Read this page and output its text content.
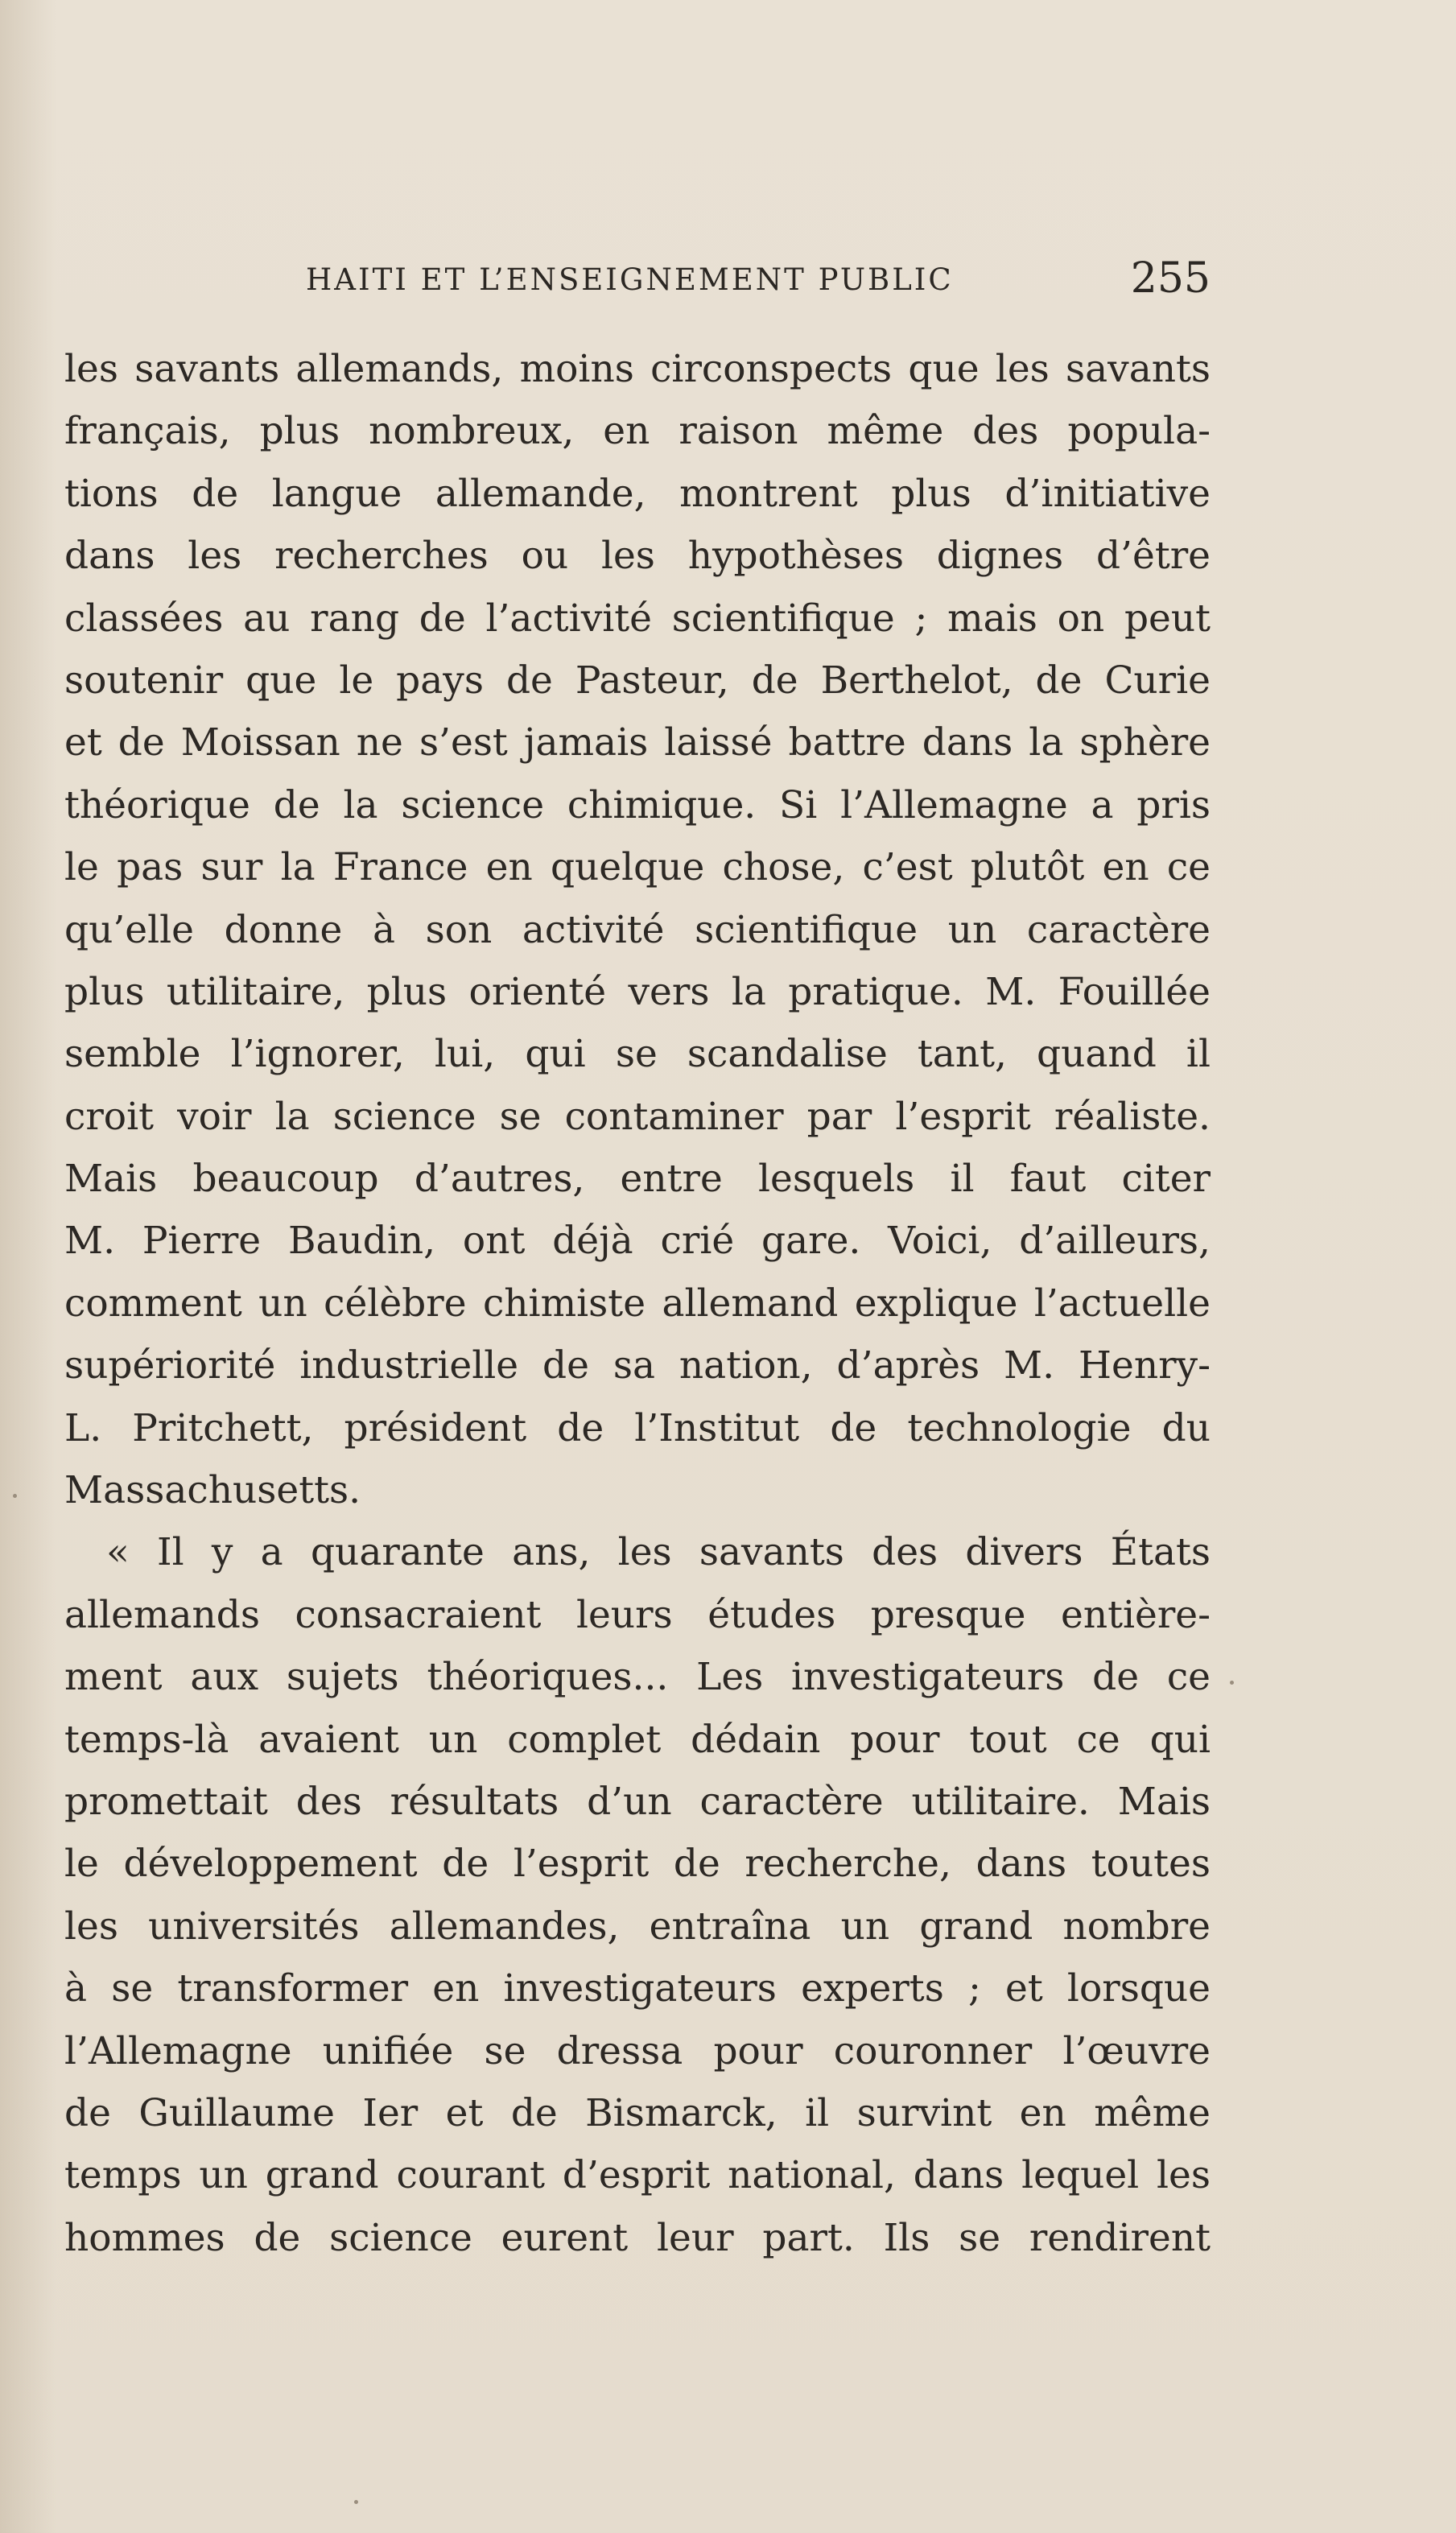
HAITI ET L’ENSEIGNEMENT PUBLIC	255
les savants allemands, moins circonspects que les savants
français, plus nombreux, en raison même des popula-
tions de langue allemande, montrent plus d’initiative
dans les recherches ou les hypothèses dignes d’être
classées au rang de l’activité scientifique ; mais on peut
soutenir que le pays de Pasteur, de Berthelot, de Curie
et de Moissan ne s’est jamais laissé battre dans la sphère
théorique de la science chimique. Si l’Allemagne a pris
le pas sur la France en quelque chose, c’est plutôt en ce
qu’elle donne à son activité scientifique un caractère
plus utilitaire, plus orienté vers la pratique. M. Fouillée
semble l’ignorer, lui, qui se scandalise tant, quand il
croit voir la science se contaminer par l’esprit réaliste.
Mais beaucoup d’autres, entre lesquels il faut citer
M. Pierre Baudin, ont déjà crié gare. Voici, d’ailleurs,
comment un célèbre chimiste allemand explique l’actuelle
supériorité industrielle de sa nation, d’après M. Henry-
L. Pritchett, président de l’Institut de technologie du
Massachusetts.
« Il y a quarante ans, les savants des divers États
allemands consacraient leurs études presque entière-
ment aux sujets théoriques... Les investigateurs de ce
temps-là avaient un complet dédain pour tout ce qui
promettait des résultats d’un caractère utilitaire. Mais
le développement de l’esprit de recherche, dans toutes
les universités allemandes, entraîna un grand nombre
à se transformer en investigateurs experts ; et lorsque
l’Allemagne unifiée se dressa pour couronner l’œuvre
de Guillaume Ier et de Bismarck, il survint en même
temps un grand courant d’esprit national, dans lequel les
hommes de science eurent leur part. Ils se rendirent
